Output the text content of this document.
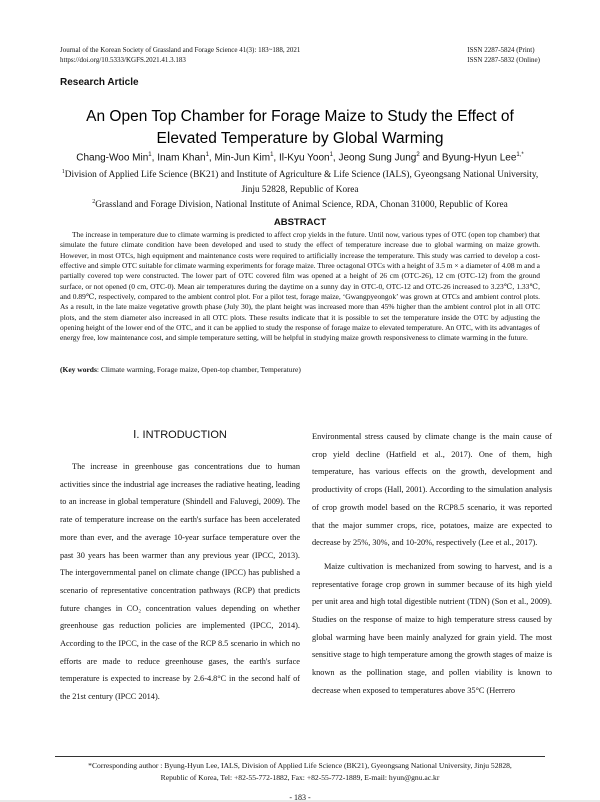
Journal of the Korean Society of Grassland and Forage Science 41(3): 183~188, 2021
https://doi.org/10.5333/KGFS.2021.41.3.183
ISSN 2287-5824 (Print)
ISSN 2287-5832 (Online)
Research Article
An Open Top Chamber for Forage Maize to Study the Effect of
Elevated Temperature by Global Warming
Chang-Woo Min$^1$, Inam Khan$^1$, Min-Jun Kim$^1$, Il-Kyu Yoon$^1$, Jeong Sung Jung$^2$ and Byung-Hyun Lee$^{1,*}$
$^1$Division of Applied Life Science (BK21) and Institute of Agriculture & Life Science (IALS), Gyeongsang National University,
Jinju 52828, Republic of Korea
$^2$Grassland and Forage Division, National Institute of Animal Science, RDA, Chonan 31000, Republic of Korea
ABSTRACT
The increase in temperature due to climate warming is predicted to affect crop yields in the future. Until now, various types of OTC (open top chamber) that simulate the future climate condition have been developed and used to study the effect of temperature increase due to global warming on maize growth. However, in most OTCs, high equipment and maintenance costs were required to artificially increase the temperature. This study was carried to develop a cost-effective and simple OTC suitable for climate warming experiments for forage maize. Three octagonal OTCs with a height of 3.5 m × a diameter of 4.08 m and a partially covered top were constructed. The lower part of OTC covered film was opened at a height of 26 cm (OTC-26), 12 cm (OTC-12) from the ground surface, or not opened (0 cm, OTC-0). Mean air temperatures during the daytime on a sunny day in OTC-0, OTC-12 and OTC-26 increased to 3.23℃, 1.33℃, and 0.89℃, respectively, compared to the ambient control plot. For a pilot test, forage maize, ‘Gwangpyeongok’ was grown at OTCs and ambient control plots. As a result, in the late maize vegetative growth phase (July 30), the plant height was increased more than 45% higher than the ambient control plot in all OTC plots, and the stem diameter also increased in all OTC plots. These results indicate that it is possible to set the temperature inside the OTC by adjusting the opening height of the lower end of the OTC, and it can be applied to study the response of forage maize to elevated temperature. An OTC, with its advantages of energy free, low maintenance cost, and simple temperature setting, will be helpful in studying maize growth responsiveness to climate warming in the future.
(Key words: Climate warming, Forage maize, Open-top chamber, Temperature)
Ⅰ. INTRODUCTION

The increase in greenhouse gas concentrations due to human activities since the industrial age increases the radiative heating, leading to an increase in global temperature (Shindell and Faluvegi, 2009). The rate of temperature increase on the earth's surface has been accelerated more than ever, and the average 10-year surface temperature over the past 30 years has been warmer than any previous year (IPCC, 2013). The intergovernmental panel on climate change (IPCC) has published a scenario of representative concentration pathways (RCP) that predicts future changes in CO₂ concentration values depending on whether greenhouse gas reduction policies are implemented (IPCC, 2014). According to the IPCC, in the case of the RCP 8.5 scenario in which no efforts are made to reduce greenhouse gases, the earth's surface temperature is expected to increase by 2.6-4.8°C in the second half of the 21st century (IPCC 2014).

Environmental stress caused by climate change is the main cause of crop yield decline (Hatfield et al., 2017). One of them, high temperature, has various effects on the growth, development and productivity of crops (Hall, 2001). According to the simulation analysis of crop growth model based on the RCP8.5 scenario, it was reported that the major summer crops, rice, potatoes, maize are expected to decrease by 25%, 30%, and 10-20%, respectively (Lee et al., 2017).

Maize cultivation is mechanized from sowing to harvest, and is a representative forage crop grown in summer because of its high yield per unit area and high total digestible nutrient (TDN) (Son et al., 2009). Studies on the response of maize to high temperature stress caused by global warming have been mainly analyzed for grain yield. The most sensitive stage to high temperature among the growth stages of maize is known as the pollination stage, and pollen viability is known to decrease when exposed to temperatures above 35°C (Herrero

*Corresponding author : Byung-Hyun Lee, IALS, Division of Applied Life Science (BK21), Gyeongsang National University, Jinju 52828,
Republic of Korea, Tel: +82-55-772-1882, Fax: +82-55-772-1889, E-mail: hyun@gnu.ac.kr
- 183 -
